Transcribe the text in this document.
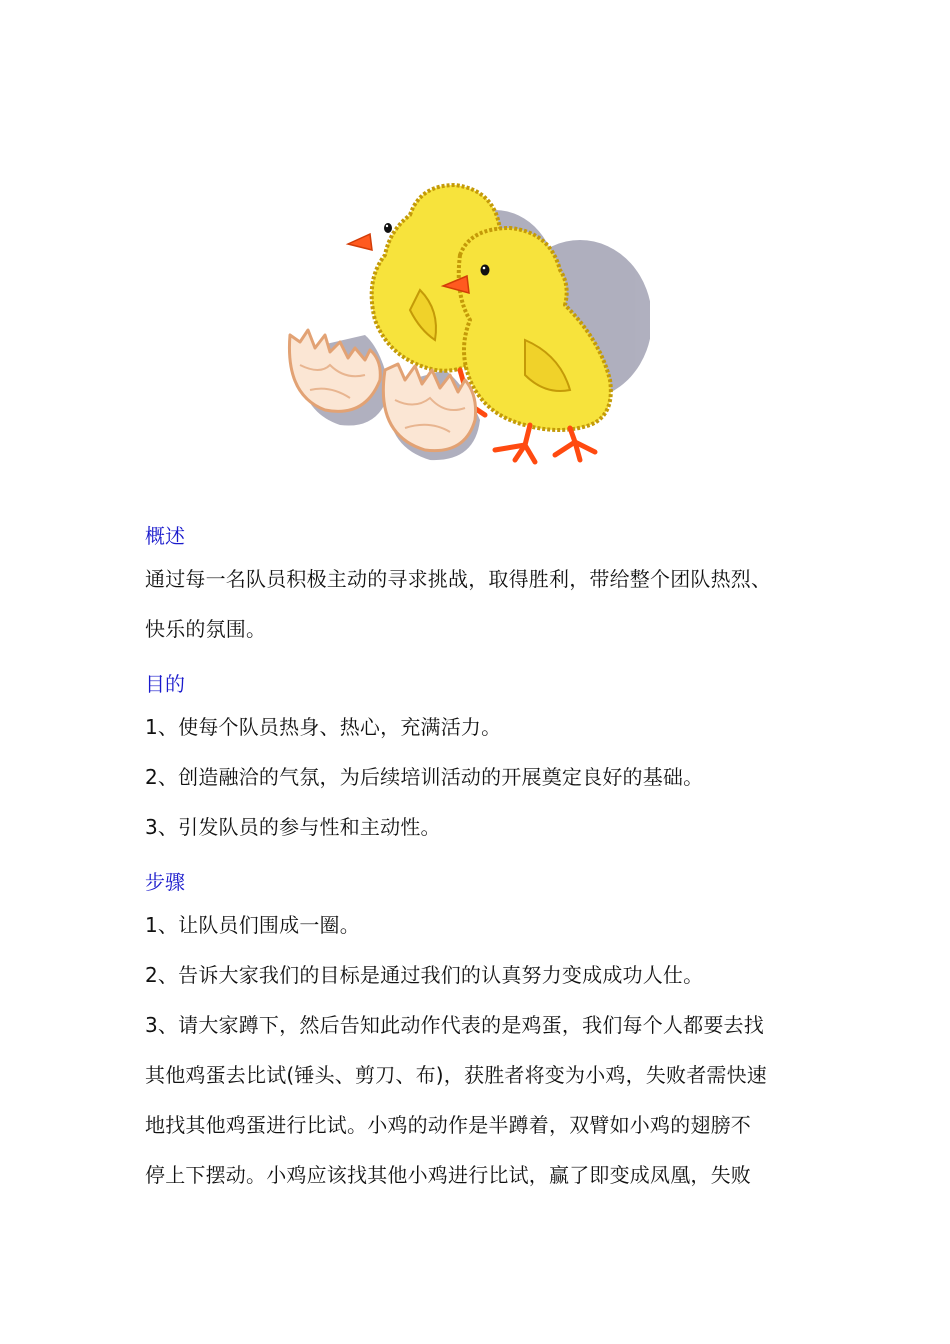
概述

通过每一名队员积极主动的寻求挑战，取得胜利，带给整个团队热烈、

快乐的氛围。

目的

1、使每个队员热身、热心，充满活力。

2、创造融洽的气氛，为后续培训活动的开展奠定良好的基础。

3、引发队员的参与性和主动性。

步骤

1、让队员们围成一圈。

2、告诉大家我们的目标是通过我们的认真努力变成成功人仕。

3、请大家蹲下，然后告知此动作代表的是鸡蛋，我们每个人都要去找

其他鸡蛋去比试(锤头、剪刀、布)，获胜者将变为小鸡，失败者需快速

地找其他鸡蛋进行比试。小鸡的动作是半蹲着，双臂如小鸡的翅膀不

停上下摆动。小鸡应该找其他小鸡进行比试，赢了即变成凤凰，失败
